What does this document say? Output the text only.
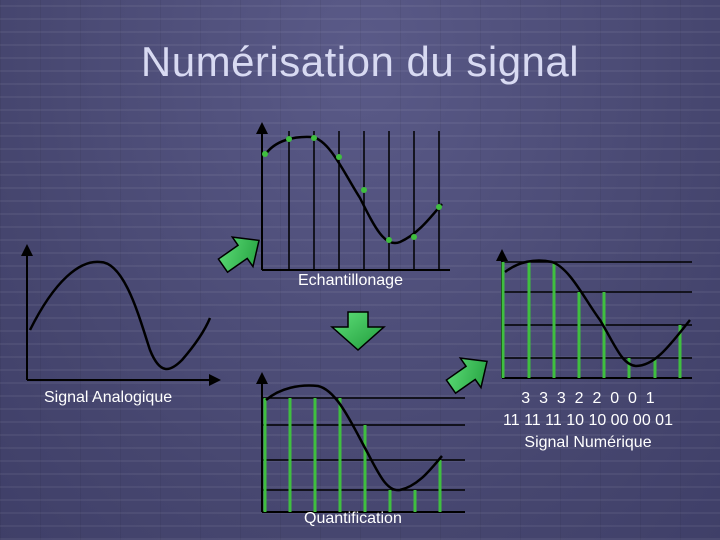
Numérisation du signal
Signal Analogique
Echantillonage
Quantification
3  3  3  2  2  0  0  1
11 11 11 10 10 00 00 01
Signal Numérique
